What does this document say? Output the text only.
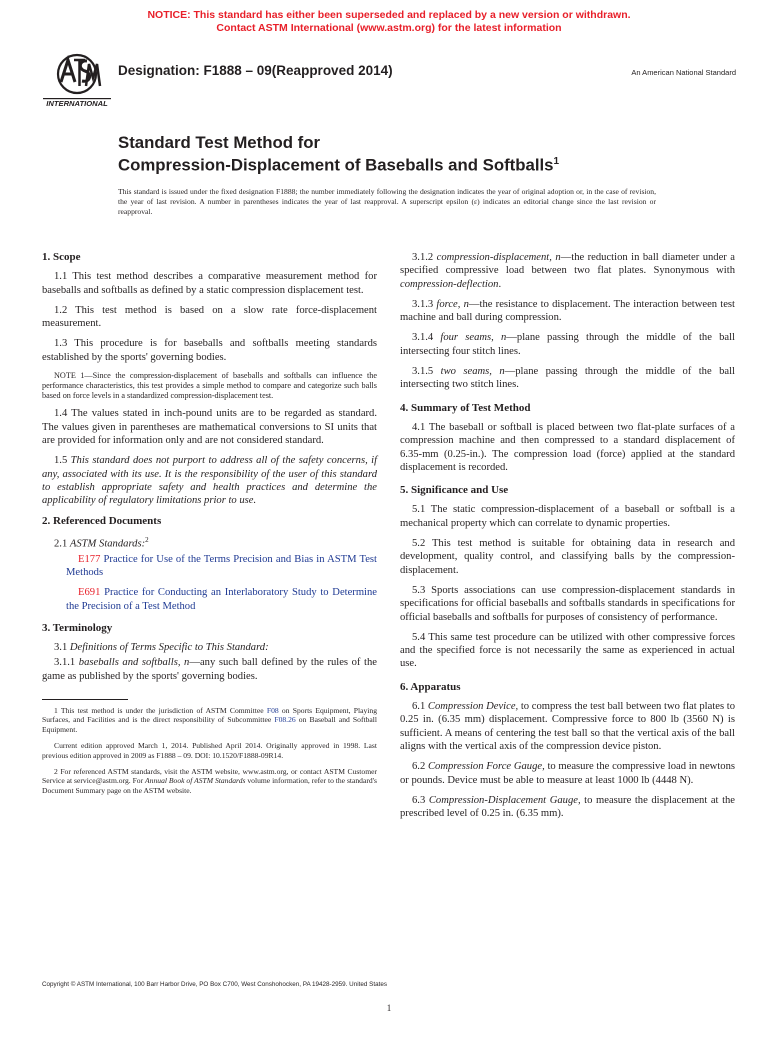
NOTICE: This standard has either been superseded and replaced by a new version or withdrawn.
Contact ASTM International (www.astm.org) for the latest information
INTERNATIONAL
Designation: F1888 – 09(Reapproved 2014)	An American National Standard
Standard Test Method for
Compression-Displacement of Baseballs and Softballs$^1$
This standard is issued under the fixed designation F1888; the number immediately following the designation indicates the year of original adoption or, in the case of revision, the year of last revision. A number in parentheses indicates the year of last reapproval. A superscript epsilon (ε) indicates an editorial change since the last revision or reapproval.
1. Scope

1.1 This test method describes a comparative measurement method for baseballs and softballs as defined by a static compression displacement test.

1.2 This test method is based on a slow rate force-displacement measurement.

1.3 This procedure is for baseballs and softballs meeting standards established by the sports' governing bodies.

NOTE 1—Since the compression-displacement of baseballs and softballs can influence the performance characteristics, this test provides a simple method to compare and categorize such balls based on force levels in a standardized compression-displacement test.

1.4 The values stated in inch-pound units are to be regarded as standard. The values given in parentheses are mathematical conversions to SI units that are provided for information only and are not considered standard.

1.5 This standard does not purport to address all of the safety concerns, if any, associated with its use. It is the responsibility of the user of this standard to establish appropriate safety and health practices and determine the applicability of regulatory limitations prior to use.

2. Referenced Documents

2.1 ASTM Standards:$^2$

E177 Practice for Use of the Terms Precision and Bias in ASTM Test Methods

E691 Practice for Conducting an Interlaboratory Study to Determine the Precision of a Test Method

3. Terminology

3.1 Definitions of Terms Specific to This Standard:

3.1.1 baseballs and softballs, n—any such ball defined by the rules of the game as published by the sports' governing bodies.

1 This test method is under the jurisdiction of ASTM Committee F08 on Sports Equipment, Playing Surfaces, and Facilities and is the direct responsibility of Subcommittee F08.26 on Baseball and Softball Equipment.

Current edition approved March 1, 2014. Published April 2014. Originally approved in 1998. Last previous edition approved in 2009 as F1888 – 09. DOI: 10.1520/F1888-09R14.

2 For referenced ASTM standards, visit the ASTM website, www.astm.org, or contact ASTM Customer Service at service@astm.org. For Annual Book of ASTM Standards volume information, refer to the standard's Document Summary page on the ASTM website.

3.1.2 compression-displacement, n—the reduction in ball diameter under a specified compressive load between two flat plates. Synonymous with compression-deflection.

3.1.3 force, n—the resistance to displacement. The interaction between test machine and ball during compression.

3.1.4 four seams, n—plane passing through the middle of the ball intersecting four stitch lines.

3.1.5 two seams, n—plane passing through the middle of the ball intersecting two stitch lines.

4. Summary of Test Method

4.1 The baseball or softball is placed between two flat-plate surfaces of a compression machine and then compressed to a standard displacement of 6.35-mm (0.25-in.). The compression load (force) applied at the standard displacement is recorded.

5. Significance and Use

5.1 The static compression-displacement of a baseball or softball is a mechanical property which can correlate to dynamic properties.

5.2 This test method is suitable for obtaining data in research and development, quality control, and classifying balls by the compression-displacement.

5.3 Sports associations can use compression-displacement standards in specifications for official baseballs and softballs standards in specifications for official baseballs and softballs for purposes of consistency of performance.

5.4 This same test procedure can be utilized with other compressive forces and the specified force is not necessarily the same as experienced in actual use.

6. Apparatus

6.1 Compression Device, to compress the test ball between two flat plates to 0.25 in. (6.35 mm) displacement. Compressive force to 800 lb (3560 N) is sufficient. A means of centering the test ball so that the vertical axis of the ball aligns with the vertical axis of the compression device piston.

6.2 Compression Force Gauge, to measure the compressive load in newtons or pounds. Device must be able to measure at least 1000 lb (4448 N).

6.3 Compression-Displacement Gauge, to measure the displacement at the prescribed level of 0.25 in. (6.35 mm).

Copyright © ASTM International, 100 Barr Harbor Drive, PO Box C700, West Conshohocken, PA 19428-2959. United States
1
